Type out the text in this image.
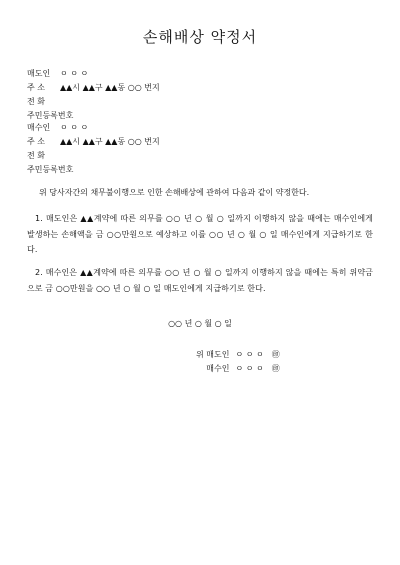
손해배상 약정서
매도인	ㅇ ㅇ ㅇ
주 소	▲▲시 ▲▲구 ▲▲동 ○○ 번지
전 화
주민등록번호
매수인	ㅇ ㅇ ㅇ
주 소	▲▲시 ▲▲구 ▲▲동 ○○ 번지
전 화
주민등록번호

위 당사자간의 채무불이행으로 인한 손해배상에 관하여 다음과 같이 약정한다.

1. 매도인은 ▲▲계약에 따른 의무를 ○○ 년 ○ 월 ○ 일까지 이행하지 않을 때에는 매수인에게 발생하는 손해액을 금 ○○만원으로 예상하고 이를 ○○ 년 ○ 월 ○ 일 매수인에게 지급하기로 한다.

2. 매수인은 ▲▲계약에 따른 의무를 ○○ 년 ○ 월 ○ 일까지 이행하지 않을 때에는 특히 위약금으로 금 ○○만원을 ○○ 년 ○ 월 ○ 일 매도인에게 지급하기로 한다.

○○ 년 ○ 월 ○ 일

위 매도인 ㅇ ㅇ ㅇ ㊞
매수인 ㅇ ㅇ ㅇ ㊞
